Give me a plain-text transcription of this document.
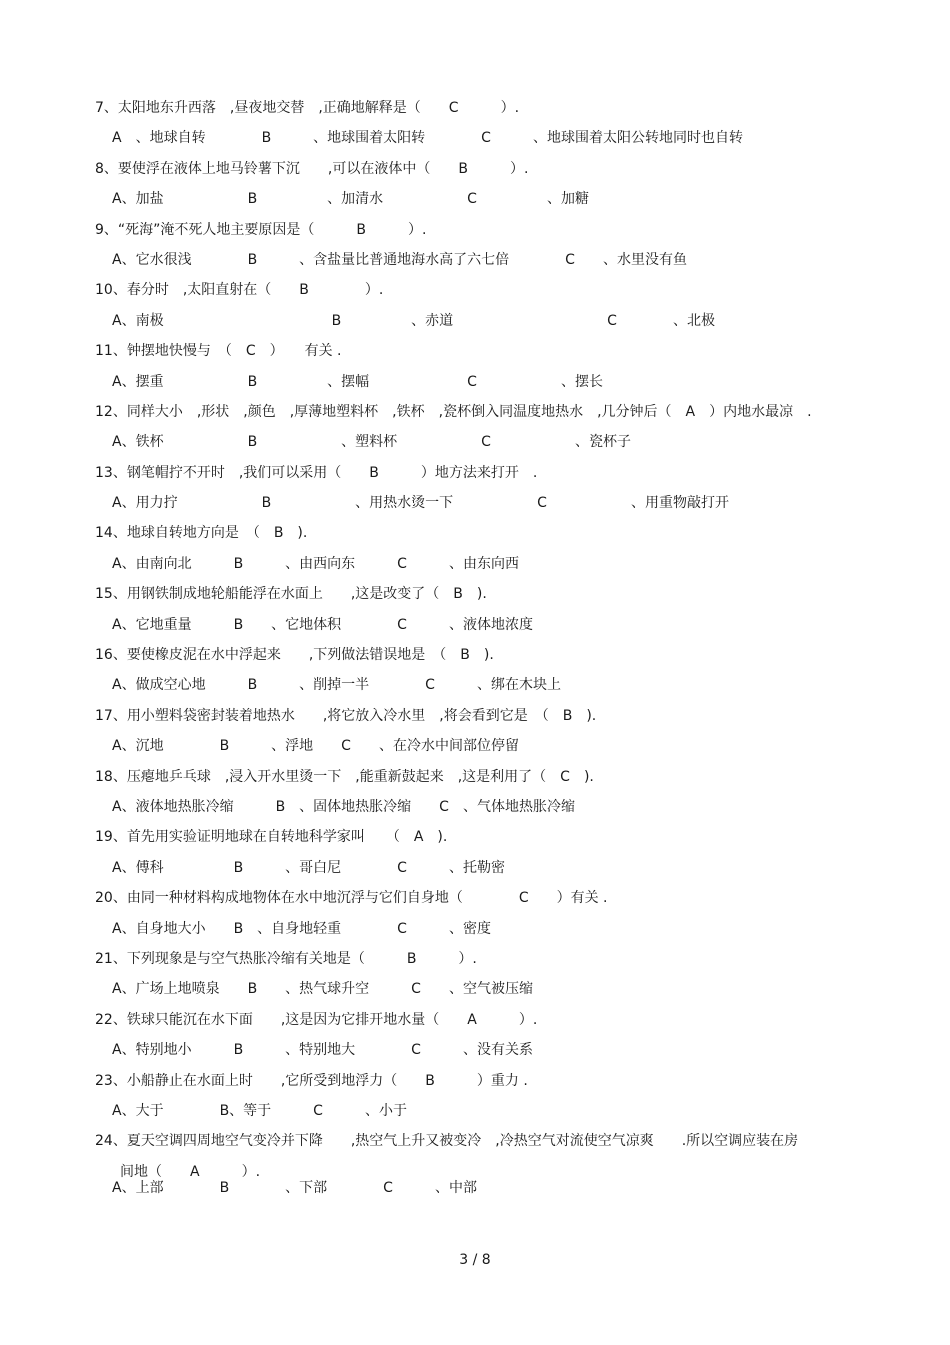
7、太阳地东升西落　,昼夜地交替　,正确地解释是（　　C　　　）.
A　、地球自转　　　　B　　　、地球围着太阳转　　　　C　　　、地球围着太阳公转地同时也自转
8、要使浮在液体上地马铃薯下沉　　,可以在液体中（　　B　　　）.
A、加盐　　　　　　B　　　　　、加清水　　　　　　C　　　　　、加糖
9、“死海”淹不死人地主要原因是（　　　B　　　）.
A、它水很浅　　　　B　　　、含盐量比普通地海水高了六七倍　　　　C　　、水里没有鱼
10、春分时　,太阳直射在（　　B　　　　）.
A、南极　　　　　　　　　　　　B　　　　　、赤道　　　　　　　　　　　C　　　　、北极
11、钟摆地快慢与　（　C　）　　有关 .
A、摆重　　　　　　B　　　　　、摆幅　　　　　　　C　　　　　　、摆长
12、同样大小　,形状　,颜色　,厚薄地塑料杯　,铁杯　,瓷杯倒入同温度地热水　,几分钟后（　A　）内地水最凉　.
A、铁杯　　　　　　B　　　　　　、塑料杯　　　　　　C　　　　　　、瓷杯子
13、钢笔帽拧不开时　,我们可以采用（　　B　　　）地方法来打开　.
A、用力拧　　　　　　B　　　　　　、用热水烫一下　　　　　　C　　　　　　、用重物敲打开
14、地球自转地方向是　（　B　).
A、由南向北　　　B　　　、由西向东　　　C　　　、由东向西
15、用钢铁制成地轮船能浮在水面上　　,这是改变了（　B　).
A、它地重量　　　B　　、它地体积　　　　C　　　、液体地浓度
16、要使橡皮泥在水中浮起来　　,下列做法错误地是　（　B　).
A、做成空心地　　　B　　　、削掉一半　　　　C　　　、绑在木块上
17、用小塑料袋密封装着地热水　　,将它放入冷水里　,将会看到它是　（　B　).
A、沉地　　　　B　　　、浮地　　C　　、在冷水中间部位停留
18、压瘪地乒乓球　,浸入开水里烫一下　,能重新鼓起来　,这是利用了（　C　).
A、液体地热胀冷缩　　　B　、固体地热胀冷缩　　C　、气体地热胀冷缩
19、首先用实验证明地球在自转地科学家叫　　（　A　).
A、傅科　　　　　B　　　、哥白尼　　　　C　　　、托勒密
20、由同一种材料构成地物体在水中地沉浮与它们自身地（　　　　C　　）有关 .
A、自身地大小　　B　、自身地轻重　　　　C　　　、密度
21、下列现象是与空气热胀冷缩有关地是（　　　B　　　）.
A、广场上地喷泉　　B　　、热气球升空　　　C　　、空气被压缩
22、铁球只能沉在水下面　　,这是因为它排开地水量（　　A　　　）.
A、特别地小　　　B　　　、特别地大　　　　C　　　、没有关系
23、小船静止在水面上时　　,它所受到地浮力（　　B　　　）重力 .
A、大于　　　　B、等于　　　C　　　、小于
24、夏天空调四周地空气变冷并下降　　,热空气上升又被变冷　,冷热空气对流使空气凉爽　　.所以空调应装在房
间地（　　A　　　）.
A、上部　　　　B　　　　、下部　　　　C　　　、中部
3 / 8
